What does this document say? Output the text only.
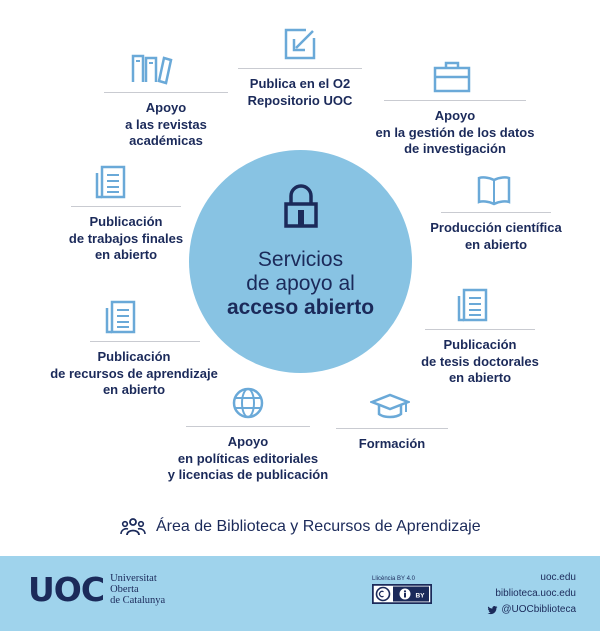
Servicios
de apoyo al
acceso abierto
Publica en el O2
Repositorio UOC
Apoyo
en la gestión de los datos
de investigación
Producción científica
en abierto
Publicación
de tesis doctorales
en abierto
Formación
Apoyo
en políticas editoriales
y licencias de publicación
Publicación
de recursos de aprendizaje
en abierto
Publicación
de trabajos finales
en abierto
Apoyo
a las revistas
académicas
Área de Biblioteca y Recursos de Aprendizaje
UOC Universitat
Oberta
de Catalunya
Llicència BY 4.0
BY
uoc.edu
biblioteca.uoc.edu
@UOCbiblioteca
